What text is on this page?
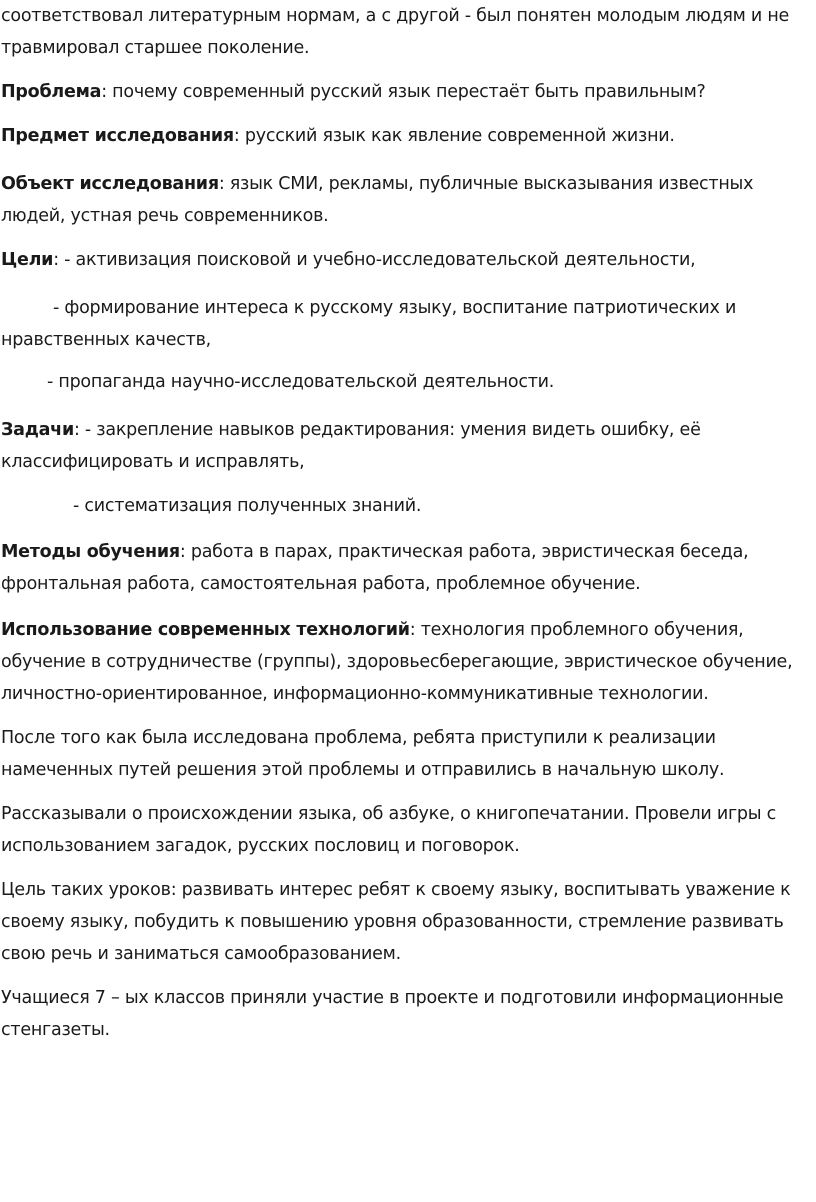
соответствовал литературным нормам, а с другой - был понятен молодым людям и не
травмировал старшее поколение.

Проблема: почему современный русский язык перестаёт быть правильным?

Предмет исследования: русский язык как явление современной жизни.

Объект исследования: язык СМИ, рекламы, публичные высказывания известных
людей, устная речь современников.

Цели: - активизация поисковой и учебно-исследовательской деятельности,

- формирование интереса к русскому языку, воспитание патриотических и
нравственных качеств,

- пропаганда научно-исследовательской деятельности.

Задачи: - закрепление навыков редактирования: умения видеть ошибку, её
классифицировать и исправлять,

- систематизация полученных знаний.

Методы обучения: работа в парах, практическая работа, эвристическая беседа,
фронтальная работа, самостоятельная работа, проблемное обучение.

Использование современных технологий: технология проблемного обучения,
обучение в сотрудничестве (группы), здоровьесберегающие, эвристическое обучение,
личностно-ориентированное, информационно-коммуникативные технологии.

После того как была исследована проблема, ребята приступили к реализации
намеченных путей решения этой проблемы и отправились в начальную школу.

Рассказывали о происхождении языка, об азбуке, о книгопечатании. Провели игры с
использованием загадок, русских пословиц и поговорок.

Цель таких уроков: развивать интерес ребят к своему языку, воспитывать уважение к
своему языку, побудить к повышению уровня образованности, стремление развивать
свою речь и заниматься самообразованием.

Учащиеся 7 – ых классов приняли участие в проекте и подготовили информационные
стенгазеты.
